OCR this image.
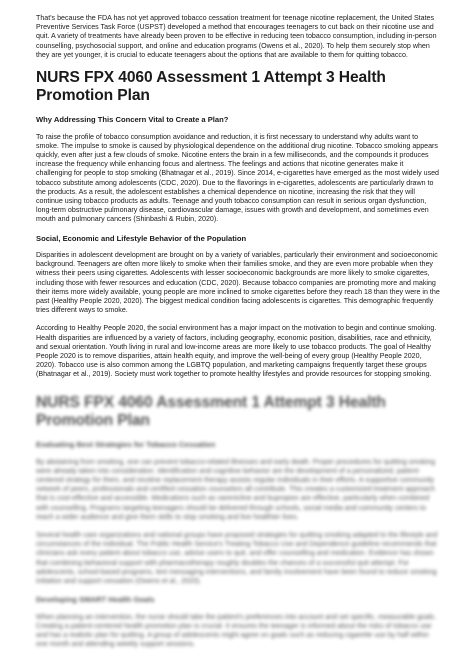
That's because the FDA has not yet approved tobacco cessation treatment for teenage nicotine replacement, the United States Preventive Services Task Force (USPST) developed a method that encourages teenagers to cut back on their nicotine use and quit. A variety of treatments have already been proven to be effective in reducing teen tobacco consumption, including in-person counselling, psychosocial support, and online and education programs (Owens et al., 2020). To help them securely stop when they are yet younger, it is crucial to educate teenagers about the options that are available to them for quitting tobacco.

NURS FPX 4060 Assessment 1 Attempt 3 Health Promotion Plan
Why Addressing This Concern Vital to Create a Plan?

To raise the profile of tobacco consumption avoidance and reduction, it is first necessary to understand why adults want to smoke. The impulse to smoke is caused by physiological dependence on the additional drug nicotine. Tobacco smoking appears quickly, even after just a few clouds of smoke. Nicotine enters the brain in a few milliseconds, and the compounds it produces increase the frequency while enhancing focus and alertness. The feelings and actions that nicotine generates make it challenging for people to stop smoking (Bhatnagar et al., 2019). Since 2014, e-cigarettes have emerged as the most widely used tobacco substitute among adolescents (CDC, 2020). Due to the flavorings in e-cigarettes, adolescents are particularly drawn to the products. As a result, the adolescent establishes a chemical dependence on nicotine, increasing the risk that they will continue using tobacco products as adults. Teenage and youth tobacco consumption can result in serious organ dysfunction, long-term obstructive pulmonary disease, cardiovascular damage, issues with growth and development, and sometimes even mouth and pulmonary cancers (Shinbashi & Rubin, 2020).

Social, Economic and Lifestyle Behavior of the Population

Disparities in adolescent development are brought on by a variety of variables, particularly their environment and socioeconomic background. Teenagers are often more likely to smoke when their families smoke, and they are even more probable when they witness their peers using cigarettes. Adolescents with lesser socioeconomic backgrounds are more likely to smoke cigarettes, including those with fewer resources and education (CDC, 2020). Because tobacco companies are promoting more and making their items more widely available, young people are more inclined to smoke cigarettes before they reach 18 than they were in the past (Healthy People 2020, 2020). The biggest medical condition facing adolescents is cigarettes. This demographic frequently tries different ways to smoke.

According to Healthy People 2020, the social environment has a major impact on the motivation to begin and continue smoking. Health disparities are influenced by a variety of factors, including geography, economic position, disabilities, race and ethnicity, and sexual orientation. Youth living in rural and low-income areas are more likely to use tobacco products. The goal of Healthy People 2020 is to remove disparities, attain health equity, and improve the well-being of every group (Healthy People 2020, 2020). Tobacco use is also common among the LGBTQ population, and marketing campaigns frequently target these groups (Bhatnagar et al., 2019). Society must work together to promote healthy lifestyles and provide resources for stopping smoking.

NURS FPX 4060 Assessment 1 Attempt 3 Health Promotion Plan
Evaluating Best Strategies for Tobacco Cessation

By abstaining from smoking, one can prevent tobacco-related illnesses and early death. Proper procedures for quitting smoking were already taken into consideration. Identification and cognitive behavior are the development of a personalized, patient-centered strategy for them, and nicotine replacement therapy assists regular individuals in their efforts. A supportive community network of peers, professionals and certified cessation counselors all contribute. This creates a customized treatment approach that is cost-effective and accessible. Medications such as varenicline and bupropion are effective, particularly when combined with counselling. Programs targeting teenagers should be delivered through schools, social media and community centers to reach a wider audience and give them skills to stop smoking and live healthier lives.

Several health care organizations and national groups have proposed strategies for quitting smoking adapted to the lifestyle and circumstances of the individual. The Public Health Service's Treating Tobacco Use and Dependence guideline recommends that clinicians ask every patient about tobacco use, advise users to quit, and offer counselling and medication. Evidence has shown that combining behavioral support with pharmacotherapy roughly doubles the chances of a successful quit attempt. For adolescents, school-based programs, text messaging interventions, and family involvement have been found to reduce smoking initiation and support cessation (Owens et al., 2020).

Developing SMART Health Goals

When planning an intervention, the nurse should take the patient's preferences into account and set specific, measurable goals. Creating a patient-centered health promotion plan is crucial. It ensures the teenager is informed about the risks of tobacco use and has a realistic plan for quitting. A group of adolescents might agree on goals such as reducing cigarette use by half within one month and attending weekly support sessions.
